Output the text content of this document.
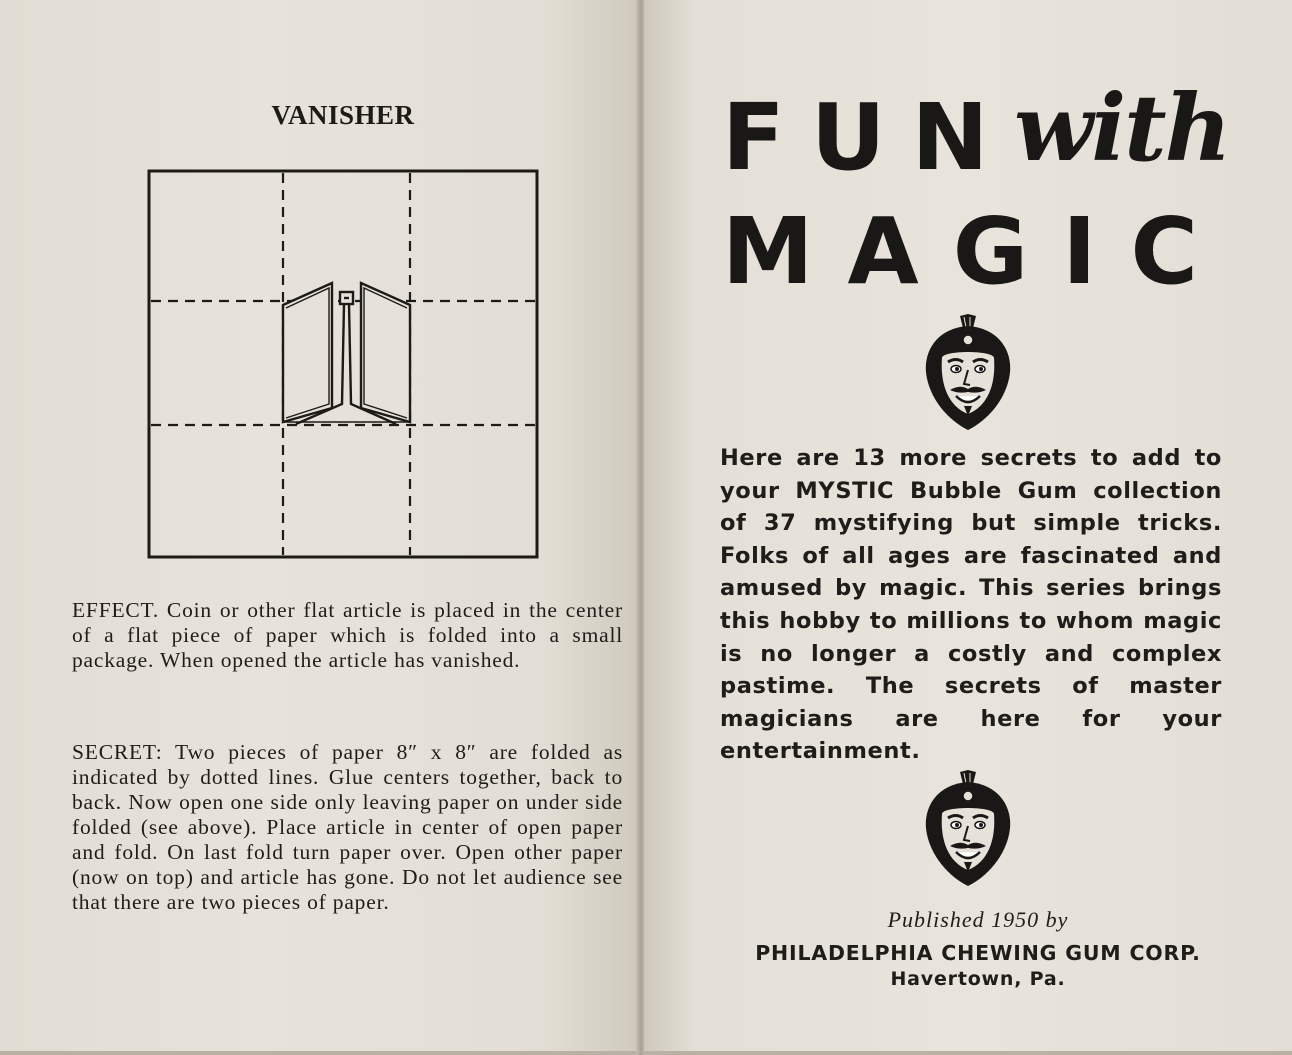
VANISHER
EFFECT. Coin or other flat article is placed in the center of a flat piece of paper which is folded into a small package. When opened the article has vanished.
SECRET: Two pieces of paper 8″ x 8″ are folded as indicated by dotted lines. Glue centers together, back to back. Now open one side only leaving paper on under side folded (see above). Place article in center of open paper and fold. On last fold turn paper over. Open other paper (now on top) and article has gone. Do not let audience see that there are two pieces of paper.
FUN with
MAGIC
Here are 13 more secrets to add to your MYSTIC Bubble Gum collection of 37 mystifying but simple tricks. Folks of all ages are fascinated and amused by magic. This series brings this hobby to millions to whom magic is no longer a costly and complex pastime. The secrets of master magicians are here for your entertainment.
Published 1950 by
PHILADELPHIA CHEWING GUM CORP.
Havertown, Pa.
